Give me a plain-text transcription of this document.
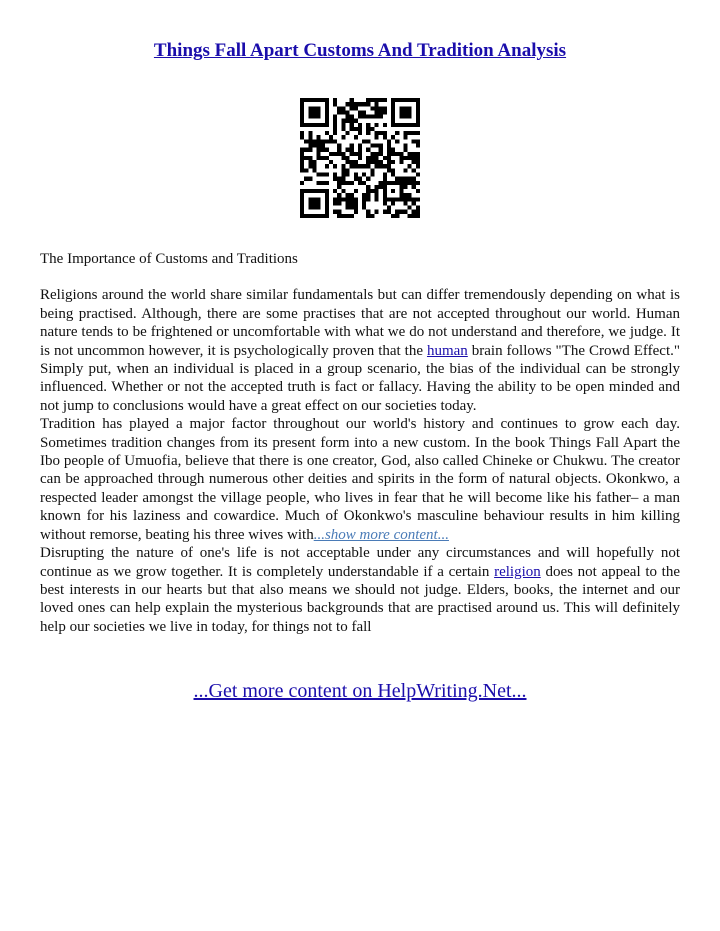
Things Fall Apart Customs And Tradition Analysis

The Importance of Customs and Traditions

Religions around the world share similar fundamentals but can differ tremendously depending on what is being practised. Although, there are some practises that are not accepted throughout our world. Human nature tends to be frightened or uncomfortable with what we do not understand and therefore, we judge. It is not uncommon however, it is psychologically proven that the human brain follows "The Crowd Effect." Simply put, when an individual is placed in a group scenario, the bias of the individual can be strongly influenced. Whether or not the accepted truth is fact or fallacy. Having the ability to be open minded and not jump to conclusions would have a great effect on our societies today.

Tradition has played a major factor throughout our world's history and continues to grow each day. Sometimes tradition changes from its present form into a new custom. In the book Things Fall Apart the Ibo people of Umuofia, believe that there is one creator, God, also called Chineke or Chukwu. The creator can be approached through numerous other deities and spirits in the form of natural objects. Okonkwo, a respected leader amongst the village people, who lives in fear that he will become like his father– a man known for his laziness and cowardice. Much of Okonkwo's masculine behaviour results in him killing without remorse, beating his three wives with...show more content...

Disrupting the nature of one's life is not acceptable under any circumstances and will hopefully not continue as we grow together. It is completely understandable if a certain religion does not appeal to the best interests in our hearts but that also means we should not judge. Elders, books, the internet and our loved ones can help explain the mysterious backgrounds that are practised around us. This will definitely help our societies we live in today, for things not to fall

...Get more content on HelpWriting.Net...
